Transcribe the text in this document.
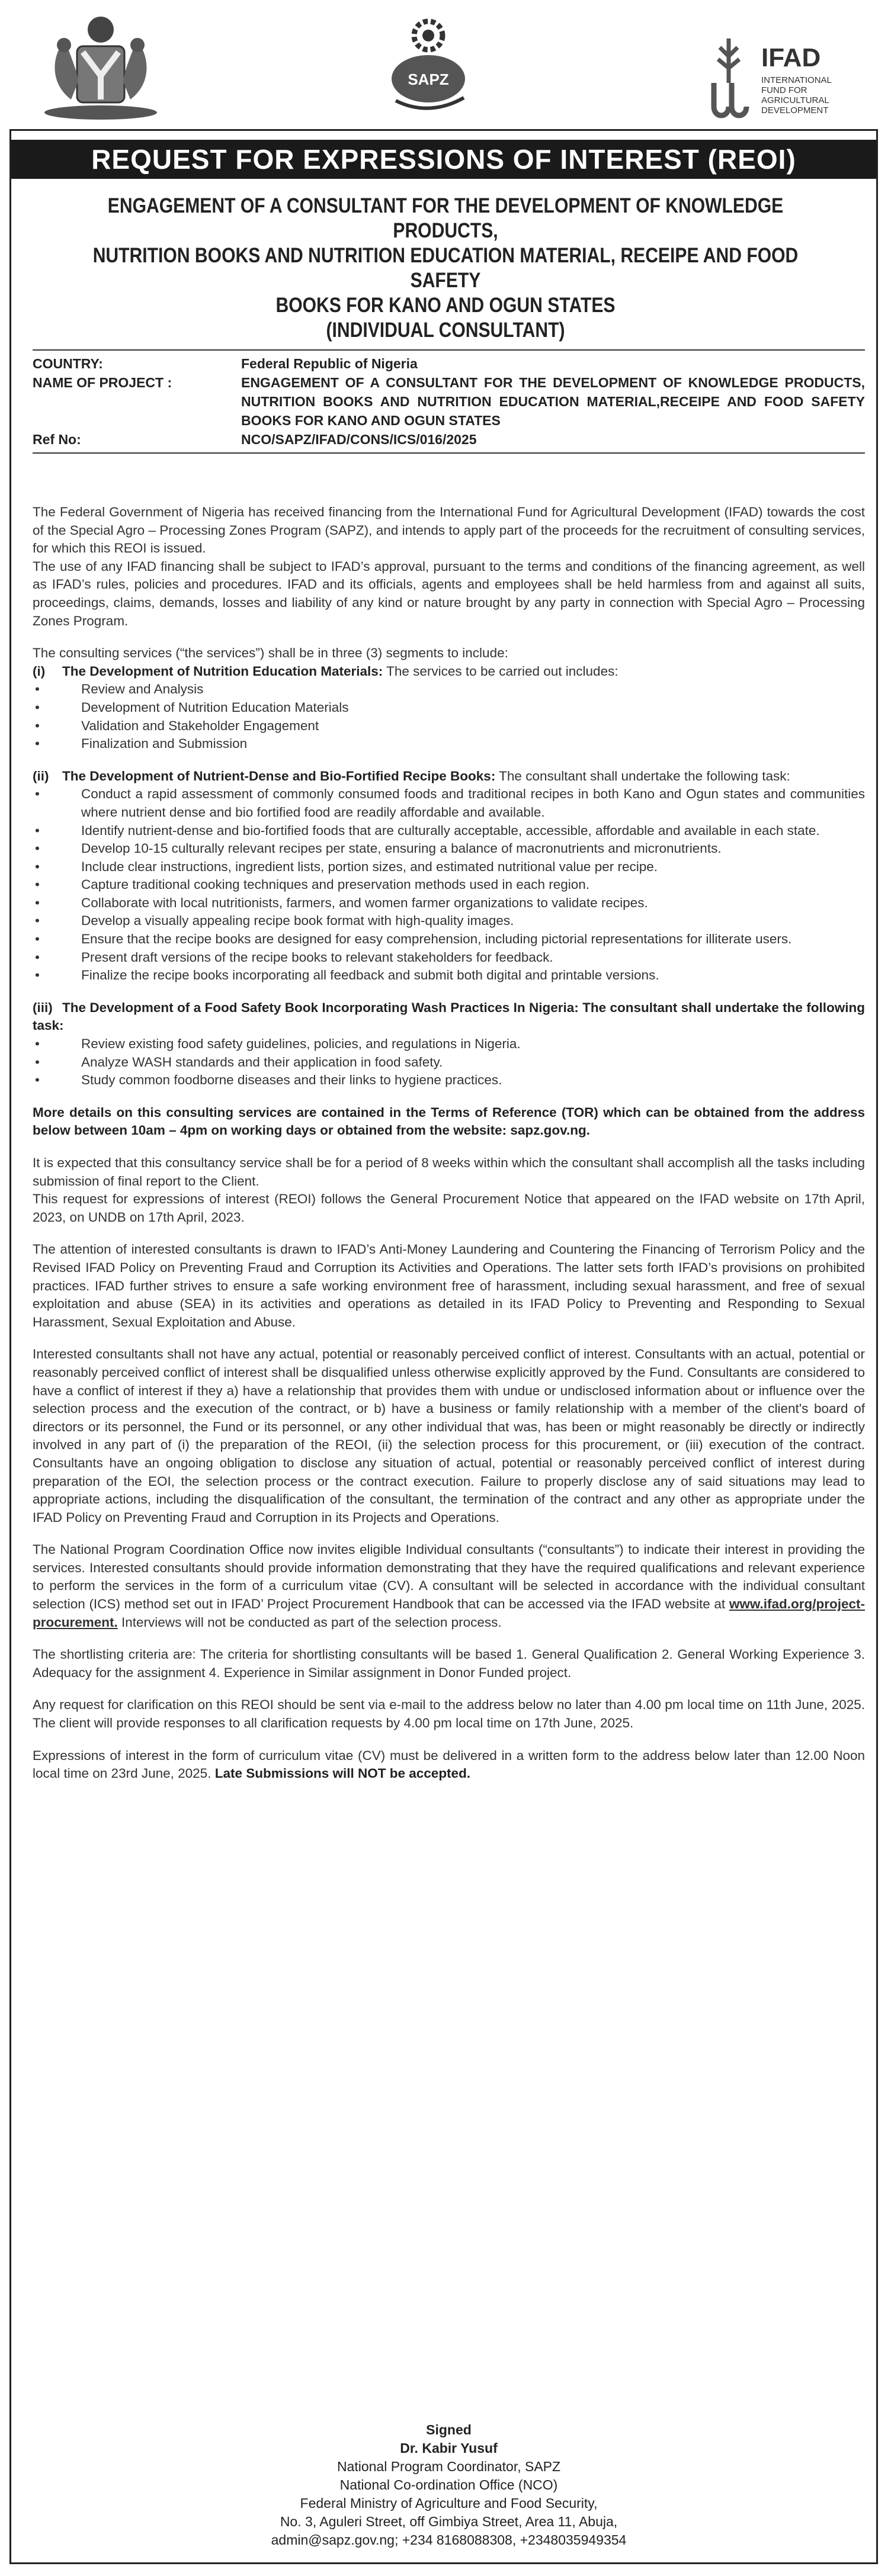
SAPZ
IFAD
INTERNATIONAL
FUND FOR
AGRICULTURAL
DEVELOPMENT
REQUEST FOR EXPRESSIONS OF INTEREST (REOI)
ENGAGEMENT OF A CONSULTANT FOR THE DEVELOPMENT OF KNOWLEDGE PRODUCTS,
NUTRITION BOOKS AND NUTRITION EDUCATION MATERIAL, RECEIPE AND FOOD SAFETY
BOOKS FOR KANO AND OGUN STATES
(INDIVIDUAL CONSULTANT)
COUNTRY:	Federal Republic of Nigeria
NAME OF PROJECT :	ENGAGEMENT OF A CONSULTANT FOR THE DEVELOPMENT OF KNOWLEDGE PRODUCTS, NUTRITION BOOKS AND NUTRITION EDUCATION MATERIAL,RECEIPE AND FOOD SAFETY BOOKS FOR KANO AND OGUN STATES
Ref No:	NCO/SAPZ/IFAD/CONS/ICS/016/2025

The Federal Government of Nigeria has received financing from the International Fund for Agricultural Development (IFAD) towards the cost of the Special Agro – Processing Zones Program (SAPZ), and intends to apply part of the proceeds for the recruitment of consulting services, for which this REOI is issued.

The use of any IFAD financing shall be subject to IFAD’s approval, pursuant to the terms and conditions of the financing agreement, as well as IFAD’s rules, policies and procedures. IFAD and its officials, agents and employees shall be held harmless from and against all suits, proceedings, claims, demands, losses and liability of any kind or nature brought by any party in connection with Special Agro – Processing Zones Program.

The consulting services (“the services”) shall be in three (3) segments to include:

(i)	The Development of Nutrition Education Materials: The services to be carried out includes:
• Review and Analysis
• Development of Nutrition Education Materials
• Validation and Stakeholder Engagement
• Finalization and Submission

(ii) The Development of Nutrient-Dense and Bio-Fortified Recipe Books: The consultant shall undertake the following task:

• Conduct a rapid assessment of commonly consumed foods and traditional recipes in both Kano and Ogun states and communities where nutrient dense and bio fortified food are readily affordable and available.
• Identify nutrient-dense and bio-fortified foods that are culturally acceptable, accessible, affordable and available in each state.
• Develop 10-15 culturally relevant recipes per state, ensuring a balance of macronutrients and micronutrients.
• Include clear instructions, ingredient lists, portion sizes, and estimated nutritional value per recipe.
• Capture traditional cooking techniques and preservation methods used in each region.
• Collaborate with local nutritionists, farmers, and women farmer organizations to validate recipes.
• Develop a visually appealing recipe book format with high-quality images.
• Ensure that the recipe books are designed for easy comprehension, including pictorial representations for illiterate users.
• Present draft versions of the recipe books to relevant stakeholders for feedback.
• Finalize the recipe books incorporating all feedback and submit both digital and printable versions.

(iii) The Development of a Food Safety Book Incorporating Wash Practices In Nigeria: The consultant shall undertake the following task:

• Review existing food safety guidelines, policies, and regulations in Nigeria.
• Analyze WASH standards and their application in food safety.
• Study common foodborne diseases and their links to hygiene practices.

More details on this consulting services are contained in the Terms of Reference (TOR) which can be obtained from the address below between 10am – 4pm on working days or obtained from the website: sapz.gov.ng.

It is expected that this consultancy service shall be for a period of 8 weeks within which the consultant shall accomplish all the tasks including submission of final report to the Client.

This request for expressions of interest (REOI) follows the General Procurement Notice that appeared on the IFAD website on 17th April, 2023, on UNDB on 17th April, 2023.

The attention of interested consultants is drawn to IFAD’s Anti-Money Laundering and Countering the Financing of Terrorism Policy and the Revised IFAD Policy on Preventing Fraud and Corruption its Activities and Operations. The latter sets forth IFAD’s provisions on prohibited practices. IFAD further strives to ensure a safe working environment free of harassment, including sexual harassment, and free of sexual exploitation and abuse (SEA) in its activities and operations as detailed in its IFAD Policy to Preventing and Responding to Sexual Harassment, Sexual Exploitation and Abuse.

Interested consultants shall not have any actual, potential or reasonably perceived conflict of interest. Consultants with an actual, potential or reasonably perceived conflict of interest shall be disqualified unless otherwise explicitly approved by the Fund. Consultants are considered to have a conflict of interest if they a) have a relationship that provides them with undue or undisclosed information about or influence over the selection process and the execution of the contract, or b) have a business or family relationship with a member of the client's board of directors or its personnel, the Fund or its personnel, or any other individual that was, has been or might reasonably be directly or indirectly involved in any part of (i) the preparation of the REOI, (ii) the selection process for this procurement, or (iii) execution of the contract. Consultants have an ongoing obligation to disclose any situation of actual, potential or reasonably perceived conflict of interest during preparation of the EOI, the selection process or the contract execution. Failure to properly disclose any of said situations may lead to appropriate actions, including the disqualification of the consultant, the termination of the contract and any other as appropriate under the IFAD Policy on Preventing Fraud and Corruption in its Projects and Operations.

The National Program Coordination Office now invites eligible Individual consultants (“consultants”) to indicate their interest in providing the services. Interested consultants should provide information demonstrating that they have the required qualifications and relevant experience to perform the services in the form of a curriculum vitae (CV). A consultant will be selected in accordance with the individual consultant selection (ICS) method set out in IFAD’ Project Procurement Handbook that can be accessed via the IFAD website at www.ifad.org/project-procurement. Interviews will not be conducted as part of the selection process.

The shortlisting criteria are: The criteria for shortlisting consultants will be based 1. General Qualification 2. General Working Experience 3. Adequacy for the assignment 4. Experience in Similar assignment in Donor Funded project.

Any request for clarification on this REOI should be sent via e-mail to the address below no later than 4.00 pm local time on 11th June, 2025. The client will provide responses to all clarification requests by 4.00 pm local time on 17th June, 2025.

Expressions of interest in the form of curriculum vitae (CV) must be delivered in a written form to the address below later than 12.00 Noon local time on 23rd June, 2025. Late Submissions will NOT be accepted.

Signed
Dr. Kabir Yusuf
National Program Coordinator, SAPZ
National Co-ordination Office (NCO)
Federal Ministry of Agriculture and Food Security,
No. 3, Aguleri Street, off Gimbiya Street, Area 11, Abuja,
admin@sapz.gov.ng; +234 8168088308, +2348035949354
